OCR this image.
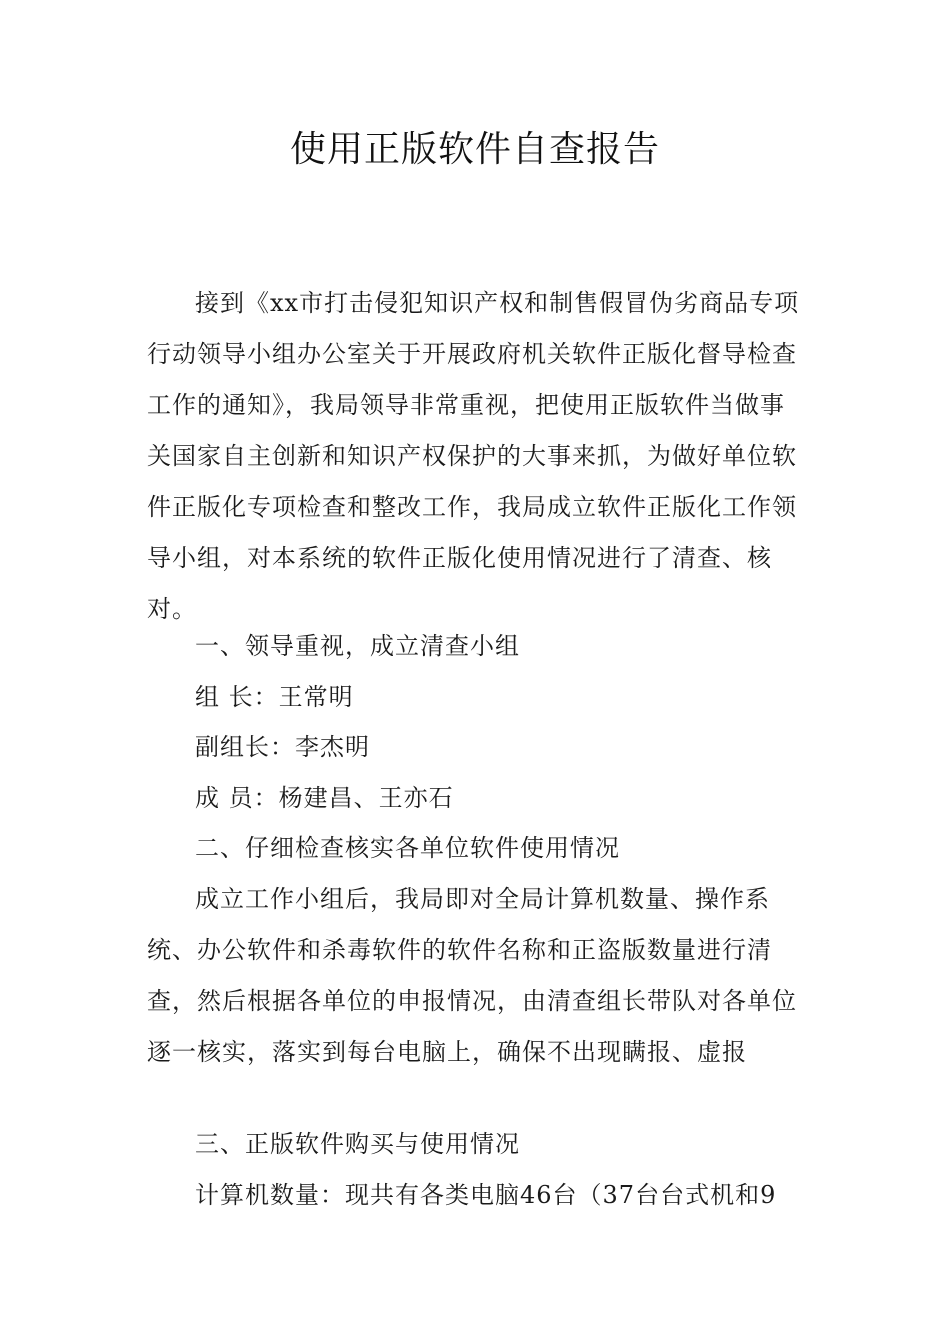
使用正版软件自查报告
接到《xx市打击侵犯知识产权和制售假冒伪劣商品专项行动领导小组办公室关于开展政府机关软件正版化督导检查工作的通知》，我局领导非常重视，把使用正版软件当做事关国家自主创新和知识产权保护的大事来抓，为做好单位软件正版化专项检查和整改工作，我局成立软件正版化工作领导小组，对本系统的软件正版化使用情况进行了清查、核对。
一、领导重视，成立清查小组
组 长：王常明
副组长：李杰明
成 员：杨建昌、王亦石
二、仔细检查核实各单位软件使用情况
成立工作小组后，我局即对全局计算机数量、操作系统、办公软件和杀毒软件的软件名称和正盗版数量进行清查，然后根据各单位的申报情况，由清查组长带队对各单位逐一核实，落实到每台电脑上，确保不出现瞒报、虚报
三、正版软件购买与使用情况
计算机数量：现共有各类电脑46台（37台台式机和9
